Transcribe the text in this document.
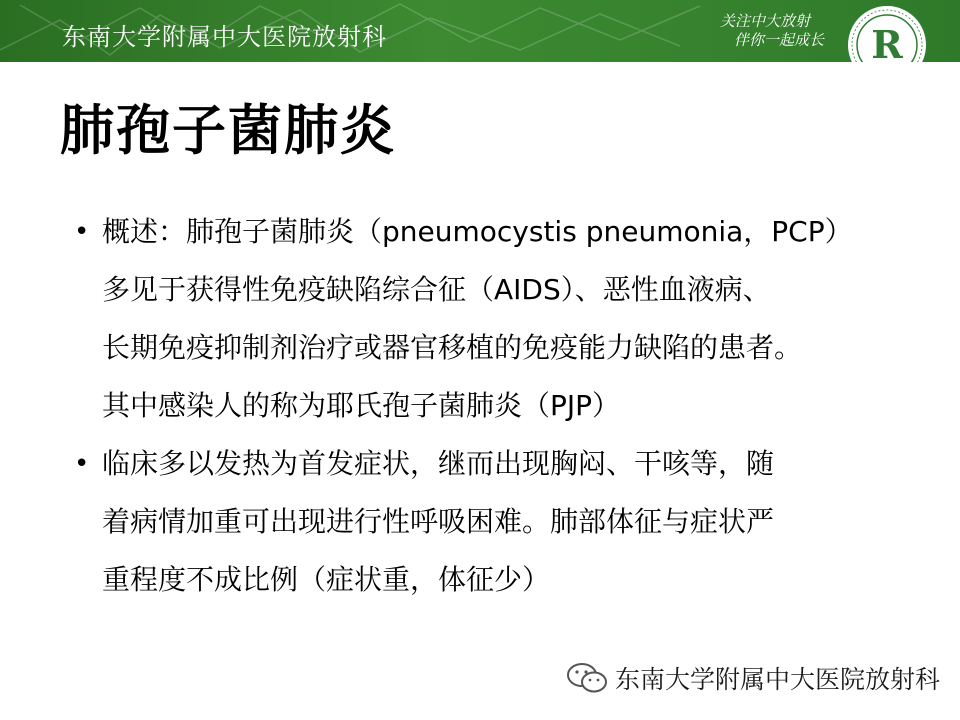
东南大学附属中大医院放射科
关注中大放射
伴你一起成长 R
肺孢子菌肺炎
• 概述：肺孢子菌肺炎（pneumocystis pneumonia，PCP）
多见于获得性免疫缺陷综合征（AIDS）、恶性血液病、
长期免疫抑制剂治疗或器官移植的免疫能力缺陷的患者。
其中感染人的称为耶氏孢子菌肺炎（PJP）
• 临床多以发热为首发症状，继而出现胸闷、干咳等，随
着病情加重可出现进行性呼吸困难。肺部体征与症状严
重程度不成比例（症状重，体征少）
东南大学附属中大医院放射科
